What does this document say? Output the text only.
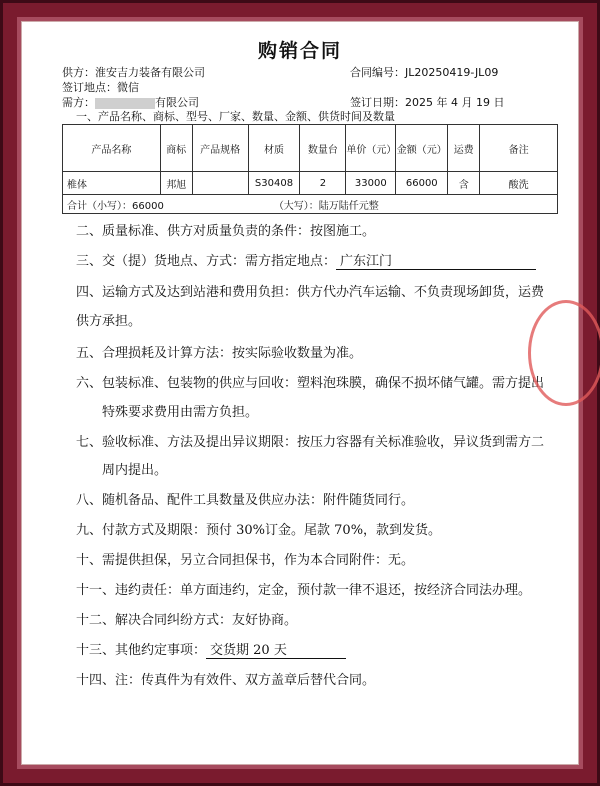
购销合同
供方：淮安吉力装备有限公司	合同编号：JL20250419-JL09
签订地点：微信
需方：	有限公司	签订日期：2025 年 4 月 19 日
一、产品名称、商标、型号、厂家、数量、金额、供货时间及数量
产品名称	商标	产品规格	材质	数量台	单价（元）	金额（元）	运费	备注
椎体	邦旭		S30408	2	33000	66000	含	酸洗
合计（小写）：66000 （大写）：陆万陆仟元整								
二、质量标准、供方对质量负责的条件：按图施工。
三、交（提）货地点、方式：需方指定地点： 广东江门
四、运输方式及达到站港和费用负担：供方代办汽车运输、不负责现场卸货，运费
供方承担。
五、合理损耗及计算方法：按实际验收数量为准。
六、包装标准、包装物的供应与回收：塑料泡珠膜，确保不损坏储气罐。需方提出
特殊要求费用由需方负担。
七、验收标准、方法及提出异议期限：按压力容器有关标准验收，异议货到需方二
周内提出。
八、随机备品、配件工具数量及供应办法：附件随货同行。
九、付款方式及期限：预付 30%订金。尾款 70%，款到发货。
十、需提供担保，另立合同担保书，作为本合同附件：无。
十一、违约责任：单方面违约，定金，预付款一律不退还，按经济合同法办理。
十二、解决合同纠纷方式：友好协商。
十三、其他约定事项： 交货期 20 天
十四、注：传真件为有效件、双方盖章后替代合同。
